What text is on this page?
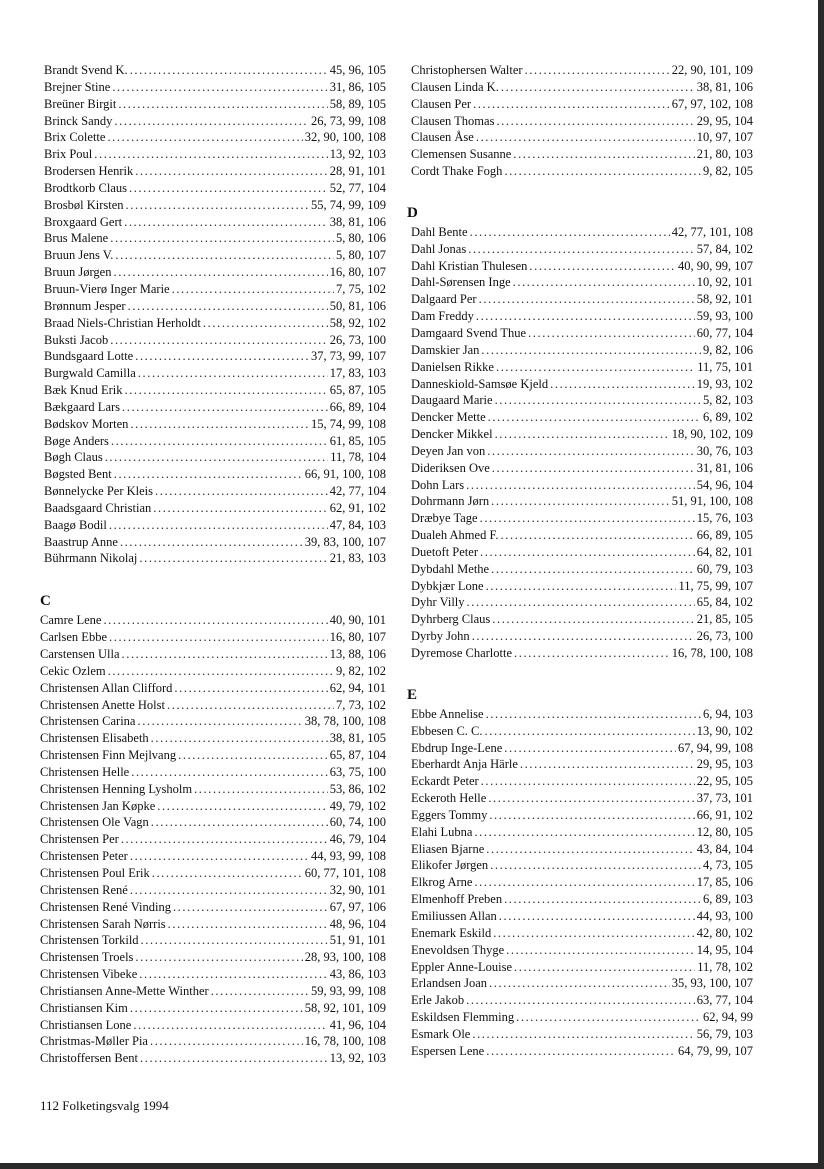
Brandt Svend K. .....	45, 96, 105
Brejner Stine .....	31, 86, 105
Breüner Birgit .....	58, 89, 105
Brinck Sandy .....	26, 73, 99, 108
Brix Colette .....	32, 90, 100, 108
Brix Poul .....	13, 92, 103
Brodersen Henrik .....	28, 91, 101
Brodtkorb Claus .....	52, 77, 104
Brosbøl Kirsten .....	55, 74, 99, 109
Broxgaard Gert .....	38, 81, 106
Brus Malene .....	5, 80, 106
Bruun Jens V. .....	5, 80, 107
Bruun Jørgen .....	16, 80, 107
Bruun-Vierø Inger Marie .....	7, 75, 102
Brønnum Jesper .....	50, 81, 106
Braad Niels-Christian Herholdt .....	58, 92, 102
Buksti Jacob .....	26, 73, 100
Bundsgaard Lotte .....	37, 73, 99, 107
Burgwald Camilla .....	17, 83, 103
Bæk Knud Erik .....	65, 87, 105
Bækgaard Lars .....	66, 89, 104
Bødskov Morten .....	15, 74, 99, 108
Bøge Anders .....	61, 85, 105
Bøgh Claus .....	11, 78, 104
Bøgsted Bent .....	66, 91, 100, 108
Bønnelycke Per Kleis .....	42, 77, 104
Baadsgaard Christian .....	62, 91, 102
Baagø Bodil .....	47, 84, 103
Baastrup Anne .....	39, 83, 100, 107
Bührmann Nikolaj .....	21, 83, 103
C
Camre Lene .....	40, 90, 101
Carlsen Ebbe .....	16, 80, 107
Carstensen Ulla .....	13, 88, 106
Cekic Ozlem .....	9, 82, 102
Christensen Allan Clifford .....	62, 94, 101
Christensen Anette Holst .....	7, 73, 102
Christensen Carina .....	38, 78, 100, 108
Christensen Elisabeth .....	38, 81, 105
Christensen Finn Mejlvang .....	65, 87, 104
Christensen Helle .....	63, 75, 100
Christensen Henning Lysholm .....	53, 86, 102
Christensen Jan Køpke .....	49, 79, 102
Christensen Ole Vagn .....	60, 74, 100
Christensen Per .....	46, 79, 104
Christensen Peter .....	44, 93, 99, 108
Christensen Poul Erik .....	60, 77, 101, 108
Christensen René .....	32, 90, 101
Christensen René Vinding .....	67, 97, 106
Christensen Sarah Nørris .....	48, 96, 104
Christensen Torkild .....	51, 91, 101
Christensen Troels .....	28, 93, 100, 108
Christensen Vibeke .....	43, 86, 103
Christiansen Anne-Mette Winther .....	59, 93, 99, 108
Christiansen Kim .....	58, 92, 101, 109
Christiansen Lone .....	41, 96, 104
Christmas-Møller Pia .....	16, 78, 100, 108
Christoffersen Bent .....	13, 92, 103
Christophersen Walter .....	22, 90, 101, 109
Clausen Linda K. .....	38, 81, 106
Clausen Per .....	67, 97, 102, 108
Clausen Thomas .....	29, 95, 104
Clausen Åse .....	10, 97, 107
Clemensen Susanne .....	21, 80, 103
Cordt Thake Fogh .....	9, 82, 105
D
Dahl Bente .....	42, 77, 101, 108
Dahl Jonas .....	57, 84, 102
Dahl Kristian Thulesen .....	40, 90, 99, 107
Dahl-Sørensen Inge .....	10, 92, 101
Dalgaard Per .....	58, 92, 101
Dam Freddy .....	59, 93, 100
Damgaard Svend Thue .....	60, 77, 104
Damskier Jan .....	9, 82, 106
Danielsen Rikke .....	11, 75, 101
Danneskiold-Samsøe Kjeld .....	19, 93, 102
Daugaard Marie .....	5, 82, 103
Dencker Mette .....	6, 89, 102
Dencker Mikkel .....	18, 90, 102, 109
Deyen Jan von .....	30, 76, 103
Dideriksen Ove .....	31, 81, 106
Dohn Lars .....	54, 96, 104
Dohrmann Jørn .....	51, 91, 100, 108
Dræbye Tage .....	15, 76, 103
Dualeh Ahmed F. .....	66, 89, 105
Duetoft Peter .....	64, 82, 101
Dybdahl Methe .....	60, 79, 103
Dybkjær Lone .....	11, 75, 99, 107
Dyhr Villy .....	65, 84, 102
Dyhrberg Claus .....	21, 85, 105
Dyrby John .....	26, 73, 100
Dyremose Charlotte .....	16, 78, 100, 108
E
Ebbe Annelise .....	6, 94, 103
Ebbesen C. C. .....	13, 90, 102
Ebdrup Inge-Lene .....	67, 94, 99, 108
Eberhardt Anja Härle .....	29, 95, 103
Eckardt Peter .....	22, 95, 105
Eckeroth Helle .....	37, 73, 101
Eggers Tommy .....	66, 91, 102
Elahi Lubna .....	12, 80, 105
Eliasen Bjarne .....	43, 84, 104
Elikofer Jørgen .....	4, 73, 105
Elkrog Arne .....	17, 85, 106
Elmenhoff Preben .....	6, 89, 103
Emiliussen Allan .....	44, 93, 100
Enemark Eskild .....	42, 80, 102
Enevoldsen Thyge .....	14, 95, 104
Eppler Anne-Louise .....	11, 78, 102
Erlandsen Joan .....	35, 93, 100, 107
Erle Jakob .....	63, 77, 104
Eskildsen Flemming .....	62, 94, 99
Esmark Ole .....	56, 79, 103
Espersen Lene .....	64, 79, 99, 107
112 Folketingsvalg 1994
